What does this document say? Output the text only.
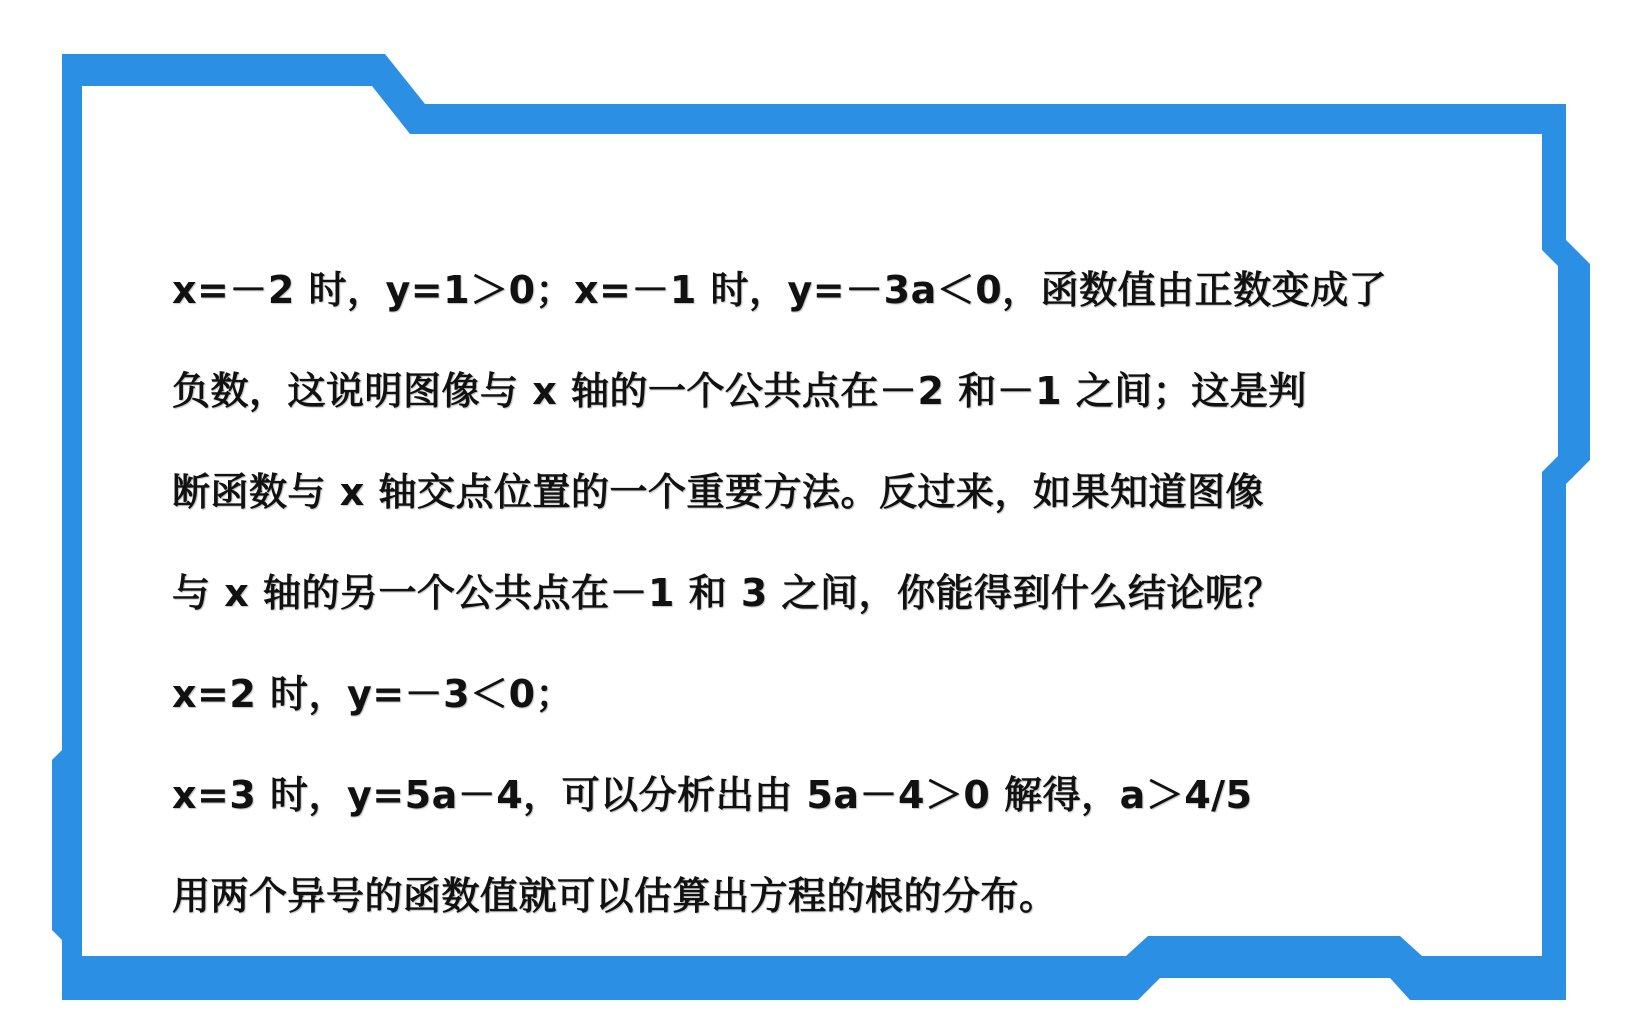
x=－2 时，y=1＞0；x=－1 时，y=－3a＜0，函数值由正数变成了
负数，这说明图像与 x 轴的一个公共点在－2 和－1 之间；这是判
断函数与 x 轴交点位置的一个重要方法。反过来，如果知道图像
与 x 轴的另一个公共点在－1 和 3 之间，你能得到什么结论呢？
x=2 时，y=－3＜0；
x=3 时，y=5a－4，可以分析出由 5a－4＞0 解得，a＞4/5
用两个异号的函数值就可以估算出方程的根的分布。
